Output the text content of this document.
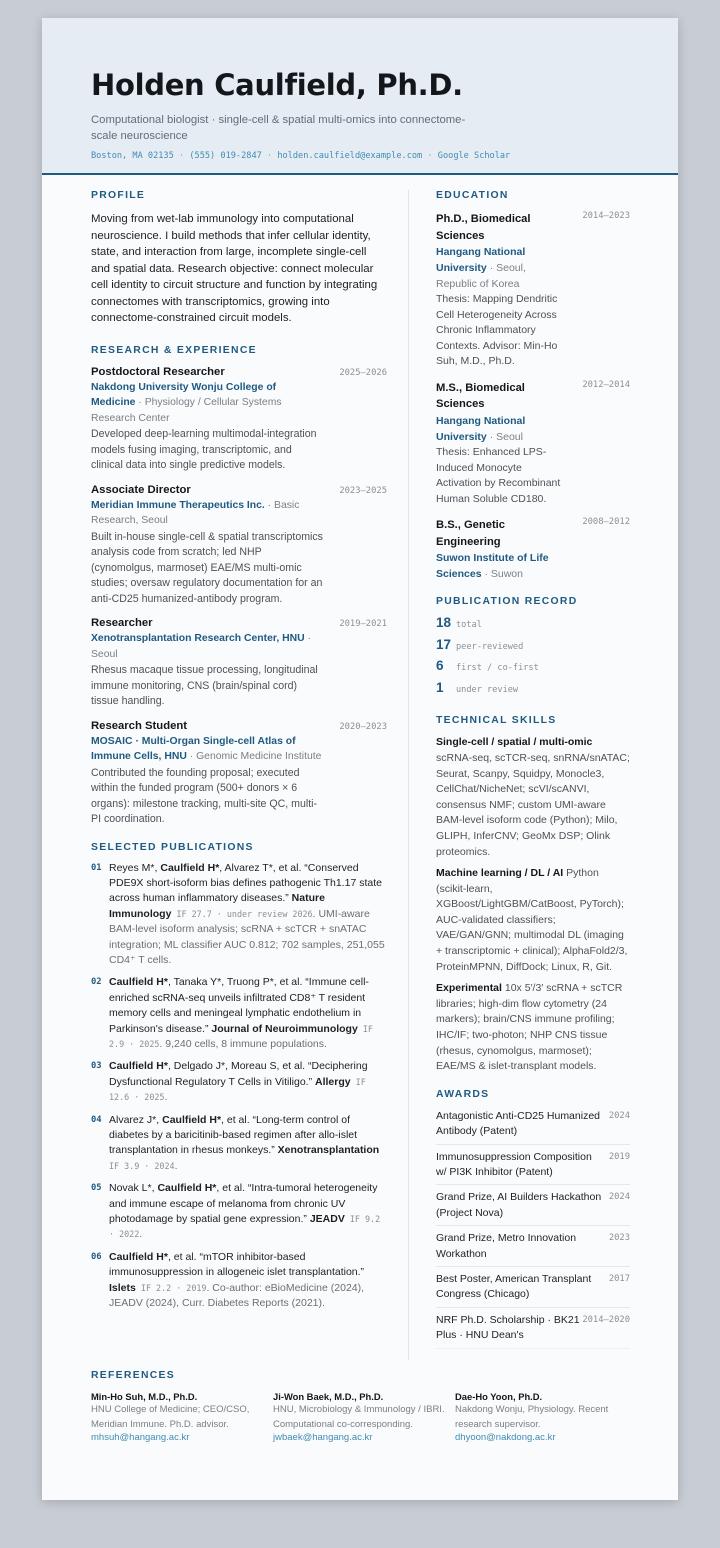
Holden Caulfield, Ph.D.
Computational biologist · single-cell & spatial multi-omics into connectome-scale neuroscience
Boston, MA 02135 · (555) 019-2847 · holden.caulfield@example.com · Google Scholar
PROFILE
Moving from wet-lab immunology into computational neuroscience. I build methods that infer cellular identity, state, and interaction from large, incomplete single-cell and spatial data. Research objective: connect molecular cell identity to circuit structure and function by integrating connectomes with transcriptomics, growing into connectome-constrained circuit models.
RESEARCH & EXPERIENCE
Postdoctoral Researcher	2025–2026
Nakdong University Wonju College of Medicine · Physiology / Cellular Systems Research Center
Developed deep-learning multimodal-integration models fusing imaging, transcriptomic, and clinical data into single predictive models.
Associate Director	2023–2025
Meridian Immune Therapeutics Inc. · Basic Research, Seoul
Built in-house single-cell & spatial transcriptomics analysis code from scratch; led NHP (cynomolgus, marmoset) EAE/MS multi-omic studies; oversaw regulatory documentation for an anti-CD25 humanized-antibody program.
Researcher	2019–2021
Xenotransplantation Research Center, HNU · Seoul
Rhesus macaque tissue processing, longitudinal immune monitoring, CNS (brain/spinal cord) tissue handling.
Research Student	2020–2023
MOSAIC · Multi-Organ Single-cell Atlas of Immune Cells, HNU · Genomic Medicine Institute
Contributed the founding proposal; executed within the funded program (500+ donors × 6 organs): milestone tracking, multi-site QC, multi-PI coordination.
SELECTED PUBLICATIONS
01 Reyes M*, Caulfield H*, Alvarez T*, et al. “Conserved PDE9X short-isoform bias defines pathogenic Th1.17 state across human inflammatory diseases.” Nature Immunology IF 27.7 · under review 2026. UMI-aware BAM-level isoform analysis; scRNA + scTCR + snATAC integration; ML classifier AUC 0.812; 702 samples, 251,055 CD4⁺ T cells.
02 Caulfield H*, Tanaka Y*, Truong P*, et al. “Immune cell-enriched scRNA-seq unveils infiltrated CD8⁺ T resident memory cells and meningeal lymphatic endothelium in Parkinson's disease.” Journal of Neuroimmunology IF 2.9 · 2025. 9,240 cells, 8 immune populations.
03 Caulfield H*, Delgado J*, Moreau S, et al. “Deciphering Dysfunctional Regulatory T Cells in Vitiligo.” Allergy IF 12.6 · 2025.
04 Alvarez J*, Caulfield H*, et al. “Long-term control of diabetes by a baricitinib-based regimen after allo-islet transplantation in rhesus monkeys.” Xenotransplantation IF 3.9 · 2024.
05 Novak L*, Caulfield H*, et al. “Intra-tumoral heterogeneity and immune escape of melanoma from chronic UV photodamage by spatial gene expression.” JEADV IF 9.2 · 2022.
06 Caulfield H*, et al. “mTOR inhibitor-based immunosuppression in allogeneic islet transplantation.” Islets IF 2.2 · 2019. Co-author: eBioMedicine (2024), JEADV (2024), Curr. Diabetes Reports (2021).
EDUCATION
Ph.D., Biomedical Sciences
2014–2023
Hangang National University · Seoul, Republic of Korea
Thesis: Mapping Dendritic Cell Heterogeneity Across Chronic Inflammatory Contexts. Advisor: Min-Ho Suh, M.D., Ph.D.
M.S., Biomedical Sciences
2012–2014
Hangang National University · Seoul
Thesis: Enhanced LPS-Induced Monocyte Activation by Recombinant Human Soluble CD180.
B.S., Genetic Engineering
2008–2012
Suwon Institute of Life Sciences · Suwon
PUBLICATION RECORD
18 total
17 peer-reviewed
6	first / co-first
1	under review
TECHNICAL SKILLS
Single-cell / spatial / multi-omic scRNA-seq, scTCR-seq, snRNA/snATAC; Seurat, Scanpy, Squidpy, Monocle3, CellChat/NicheNet; scVI/scANVI, consensus NMF; custom UMI-aware BAM-level isoform code (Python); Milo, GLIPH, InferCNV; GeoMx DSP; Olink proteomics.
Machine learning / DL / AI Python (scikit-learn, XGBoost/LightGBM/CatBoost, PyTorch); AUC-validated classifiers; VAE/GAN/GNN; multimodal DL (imaging + transcriptomic + clinical); AlphaFold2/3, ProteinMPNN, DiffDock; Linux, R, Git.
Experimental 10x 5′/3′ scRNA + scTCR libraries; high-dim flow cytometry (24 markers); brain/CNS immune profiling; IHC/IF; two-photon; NHP CNS tissue (rhesus, cynomolgus, marmoset); EAE/MS & islet-transplant models.
AWARDS
Antagonistic Anti-CD25 Humanized Antibody (Patent)
2024
Immunosuppression Composition w/ PI3K Inhibitor (Patent)
2019
Grand Prize, AI Builders Hackathon (Project Nova)
2024
Grand Prize, Metro Innovation Workathon
2023
Best Poster, American Transplant Congress (Chicago)
2017
NRF Ph.D. Scholarship · BK21 Plus · HNU Dean's
2014–2020
REFERENCES
Min-Ho Suh, M.D., Ph.D.
HNU College of Medicine; CEO/CSO, Meridian Immune. Ph.D. advisor.
mhsuh@hangang.ac.kr
Ji-Won Baek, M.D., Ph.D.
HNU, Microbiology & Immunology / IBRI. Computational co-corresponding.
jwbaek@hangang.ac.kr
Dae-Ho Yoon, Ph.D.
Nakdong Wonju, Physiology. Recent research supervisor.
dhyoon@nakdong.ac.kr
